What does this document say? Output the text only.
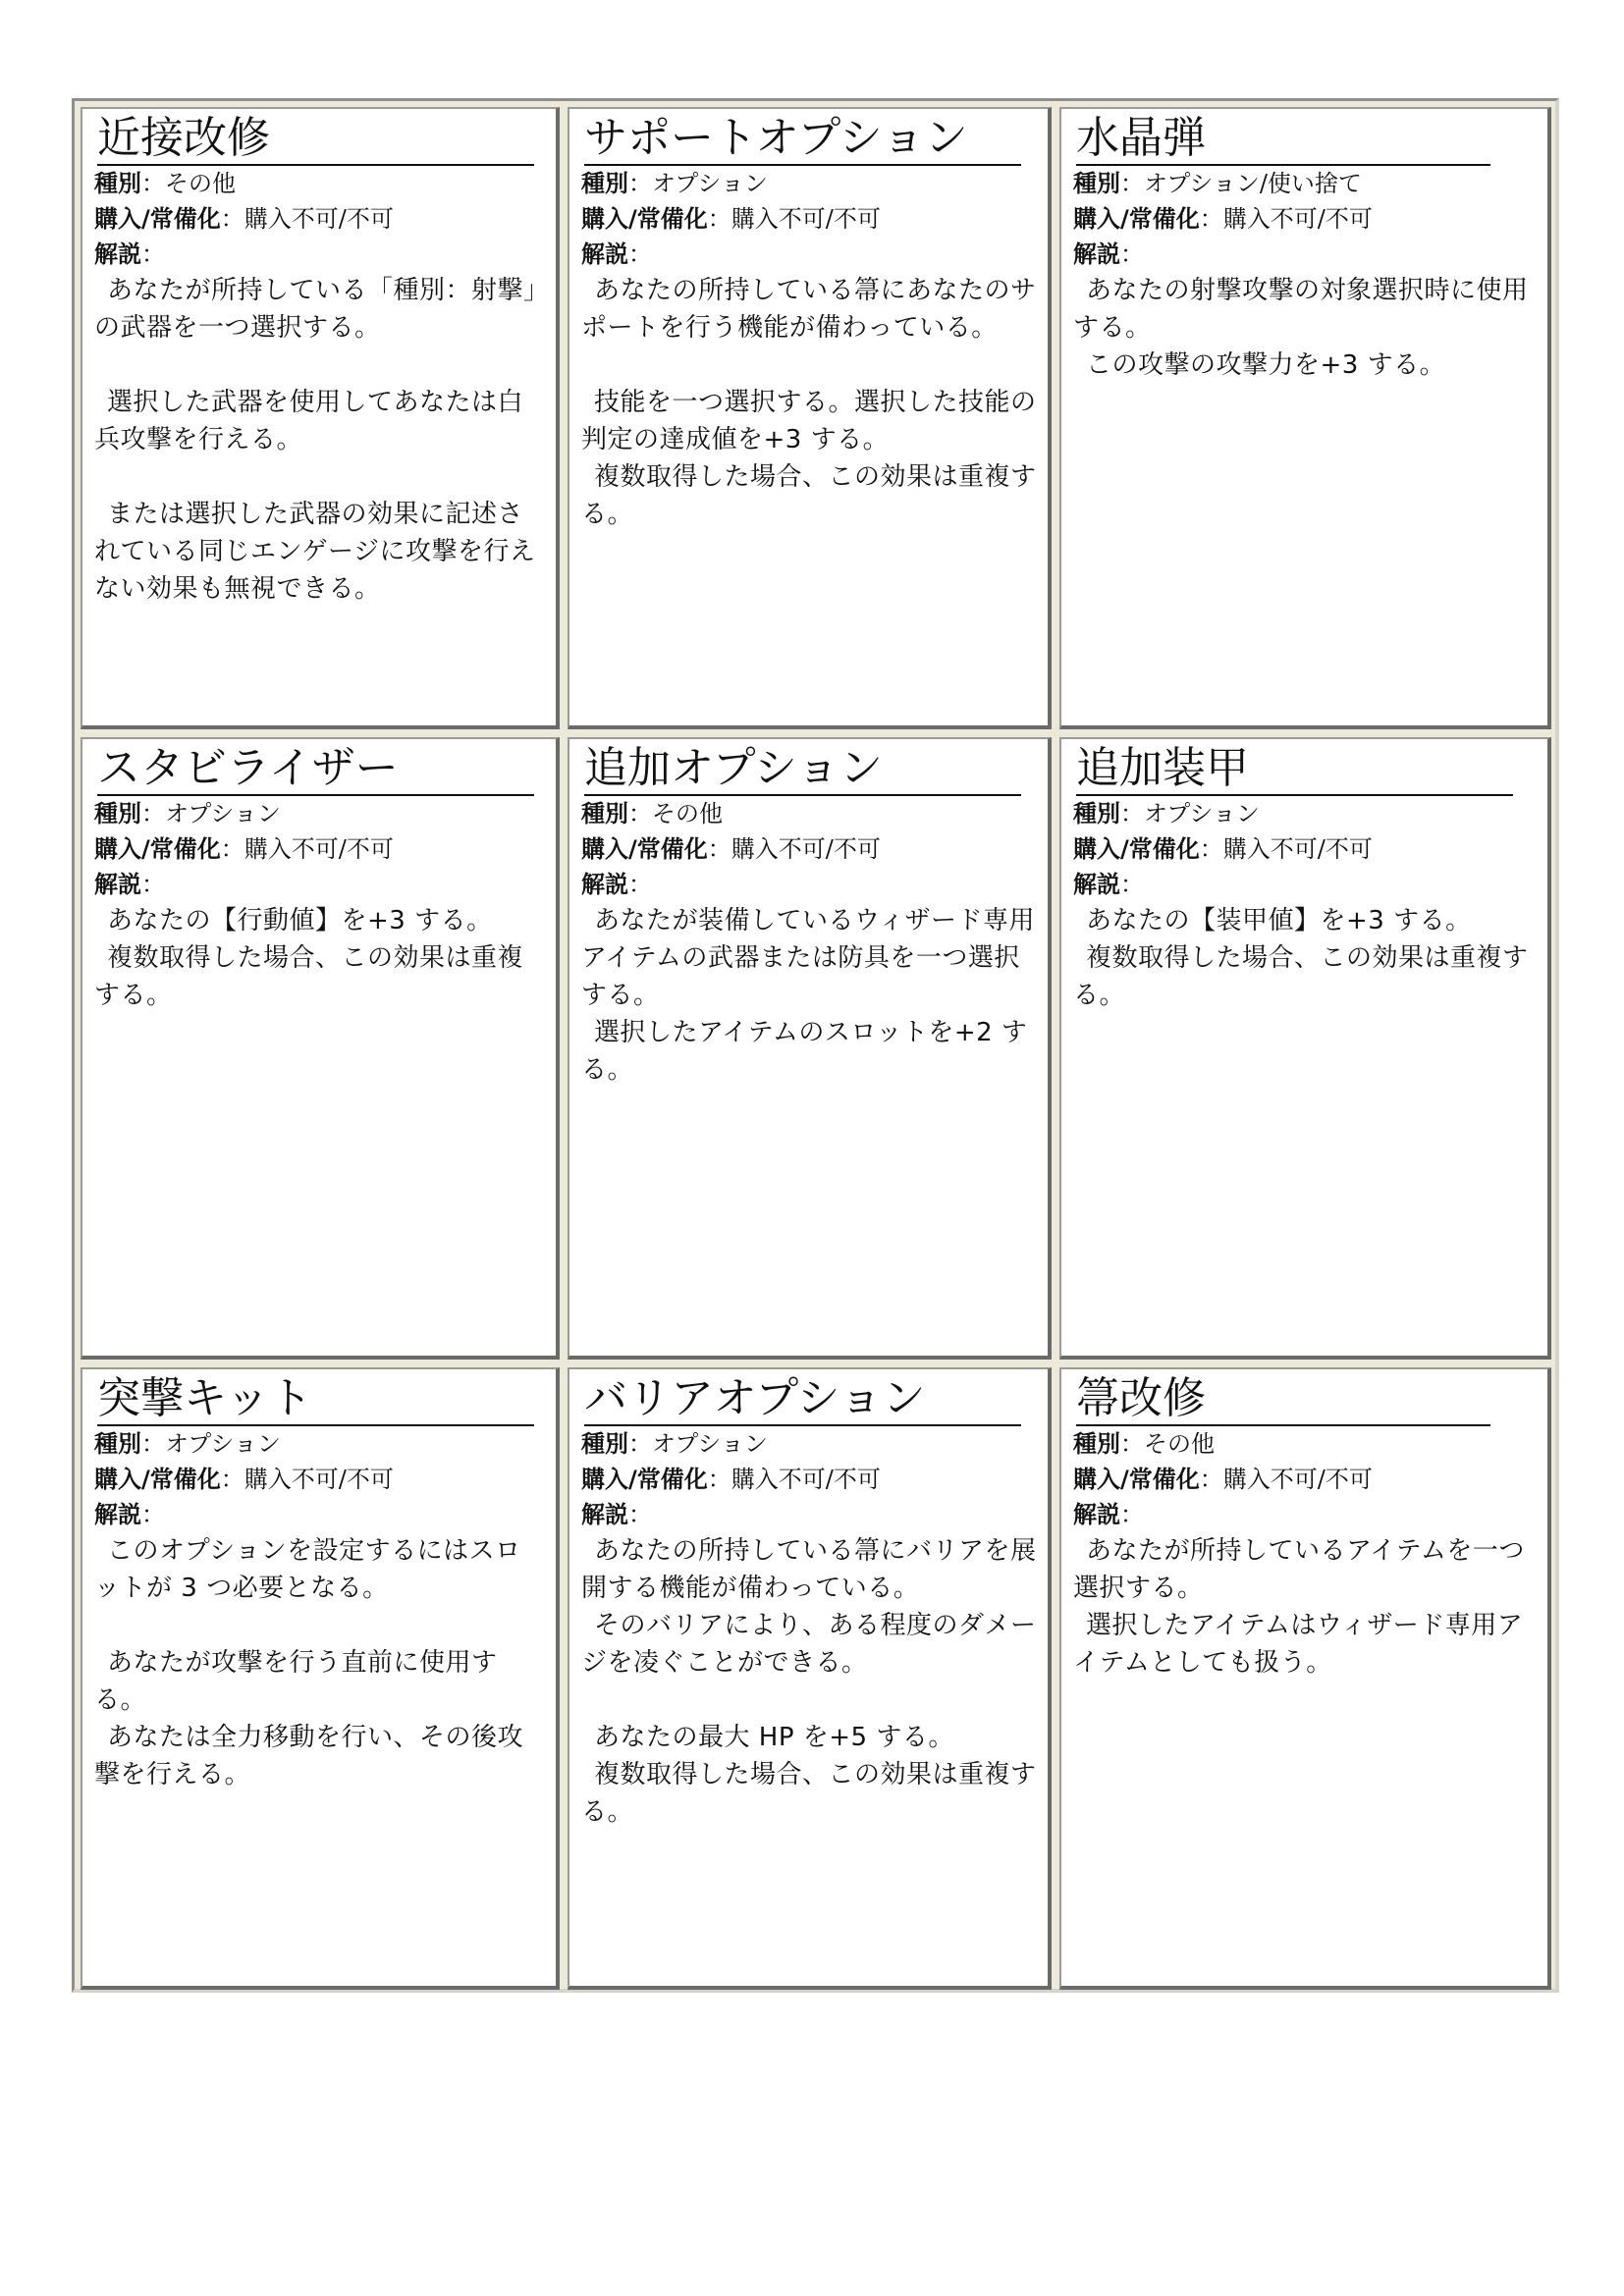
近接改修
種別：その他
購入/常備化：購入不可/不可
解説：

あなたが所持している「種別：射撃」の武器を一つ選択する。

選択した武器を使用してあなたは白兵攻撃を行える。

または選択した武器の効果に記述されている同じエンゲージに攻撃を行えない効果も無視できる。

サポートオプション
種別：オプション
購入/常備化：購入不可/不可
解説：

あなたの所持している箒にあなたのサポートを行う機能が備わっている。

技能を一つ選択する。選択した技能の判定の達成値を+3 する。

複数取得した場合、この効果は重複する。

水晶弾
種別：オプション/使い捨て
購入/常備化：購入不可/不可
解説：

あなたの射撃攻撃の対象選択時に使用する。

この攻撃の攻撃力を+3 する。

スタビライザー
種別：オプション
購入/常備化：購入不可/不可
解説：

あなたの【行動値】を+3 する。

複数取得した場合、この効果は重複する。

追加オプション
種別：その他
購入/常備化：購入不可/不可
解説：

あなたが装備しているウィザード専用アイテムの武器または防具を一つ選択する。

選択したアイテムのスロットを+2 する。

追加装甲
種別：オプション
購入/常備化：購入不可/不可
解説：

あなたの【装甲値】を+3 する。

複数取得した場合、この効果は重複する。

突撃キット
種別：オプション
購入/常備化：購入不可/不可
解説：

このオプションを設定するにはスロットが 3 つ必要となる。

あなたが攻撃を行う直前に使用する。

あなたは全力移動を行い、その後攻撃を行える。

バリアオプション
種別：オプション
購入/常備化：購入不可/不可
解説：

あなたの所持している箒にバリアを展開する機能が備わっている。

そのバリアにより、ある程度のダメージを凌ぐことができる。

あなたの最大 HP を+5 する。

複数取得した場合、この効果は重複する。

箒改修
種別：その他
購入/常備化：購入不可/不可
解説：

あなたが所持しているアイテムを一つ選択する。

選択したアイテムはウィザード専用アイテムとしても扱う。
